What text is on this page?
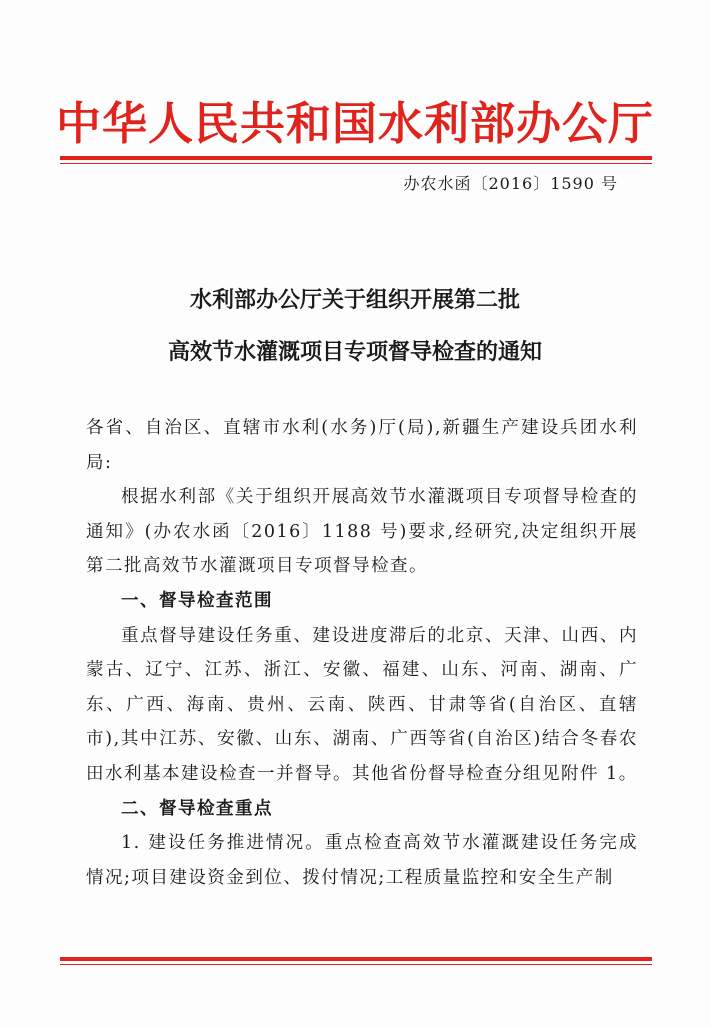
中华人民共和国水利部办公厅
办农水函〔2016〕1590 号
水利部办公厅关于组织开展第二批
高效节水灌溉项目专项督导检查的通知

各省、自治区、直辖市水利(水务)厅(局),新疆生产建设兵团水利局:

根据水利部《关于组织开展高效节水灌溉项目专项督导检查的通知》(办农水函〔2016〕1188 号)要求,经研究,决定组织开展第二批高效节水灌溉项目专项督导检查。

一、督导检查范围

重点督导建设任务重、建设进度滞后的北京、天津、山西、内蒙古、辽宁、江苏、浙江、安徽、福建、山东、河南、湖南、广东、广西、海南、贵州、云南、陕西、甘肃等省(自治区、直辖市),其中江苏、安徽、山东、湖南、广西等省(自治区)结合冬春农田水利基本建设检查一并督导。其他省份督导检查分组见附件 1。

二、督导检查重点

1. 建设任务推进情况。重点检查高效节水灌溉建设任务完成情况;项目建设资金到位、拨付情况;工程质量监控和安全生产制
